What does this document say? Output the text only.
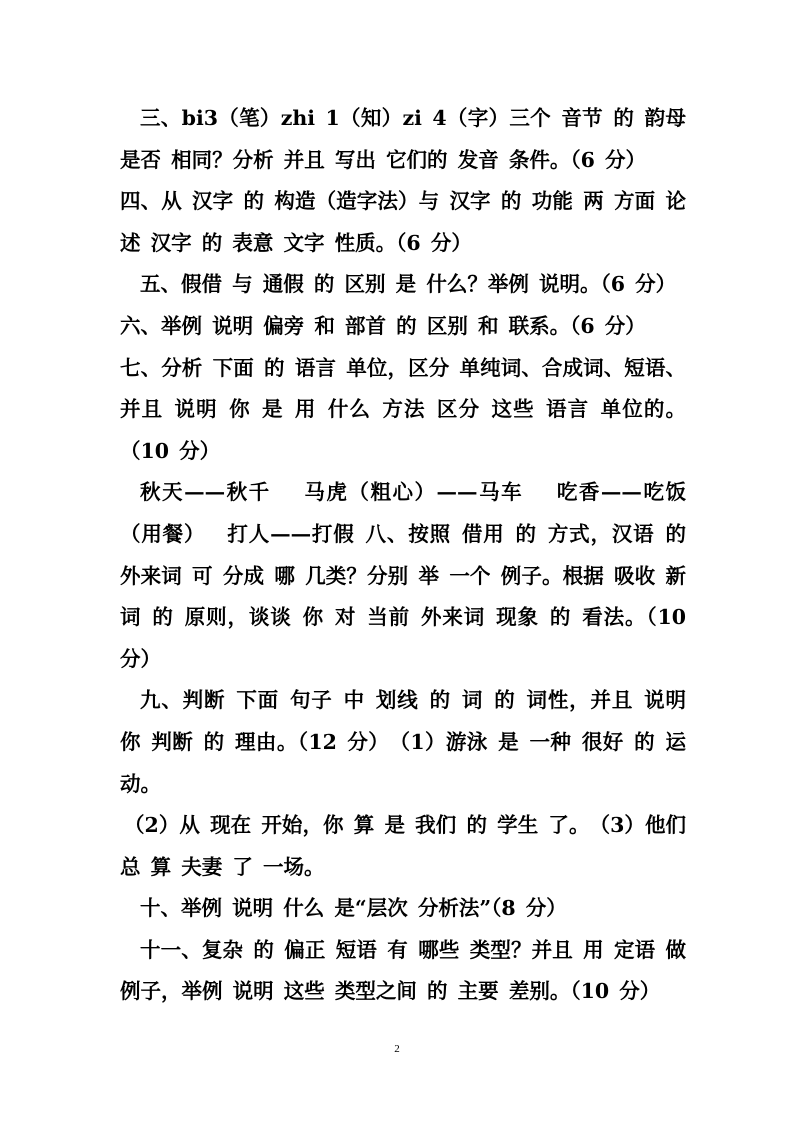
三、bi3（笔）zhi 1（知）zi 4（字）三个 音节 的 韵母 是否 相同？分析 并且 写出 它们的 发音 条件。（6 分）

四、从 汉字 的 构造（造字法）与 汉字 的 功能 两 方面 论述 汉字 的 表意 文字 性质。（6 分）

五、假借 与 通假 的 区别 是 什么？举例 说明。（6 分）

六、举例 说明 偏旁 和 部首 的 区别 和 联系。（6 分）

七、分析 下面 的 语言 单位，区分 单纯词、合成词、短语、并且 说明 你 是 用 什么 方法 区分 这些 语言 单位的。（10 分）

秋天——秋千　 马虎（粗心）——马车　 吃香——吃饭（用餐）　 打人——打假 八、按照 借用 的 方式，汉语 的 外来词 可 分成 哪 几类？分别 举 一个 例子。根据 吸收 新词 的 原则，谈谈 你 对 当前 外来词 现象 的 看法。（10 分）

九、判断 下面 句子 中 划线 的 词 的 词性，并且 说明 你 判断 的 理由。（12 分）　（1）游泳 是 一种 很好 的 运动。

（2）从 现在 开始，你 算 是 我们 的 学生 了。　（3）他们 总 算 夫妻 了 一场。

十、举例 说明 什么 是“层次 分析法”（8 分）

十一、复杂 的 偏正 短语 有 哪些 类型？并且 用 定语 做 例子，举例 说明 这些 类型之间 的 主要 差别。（10 分）

2
